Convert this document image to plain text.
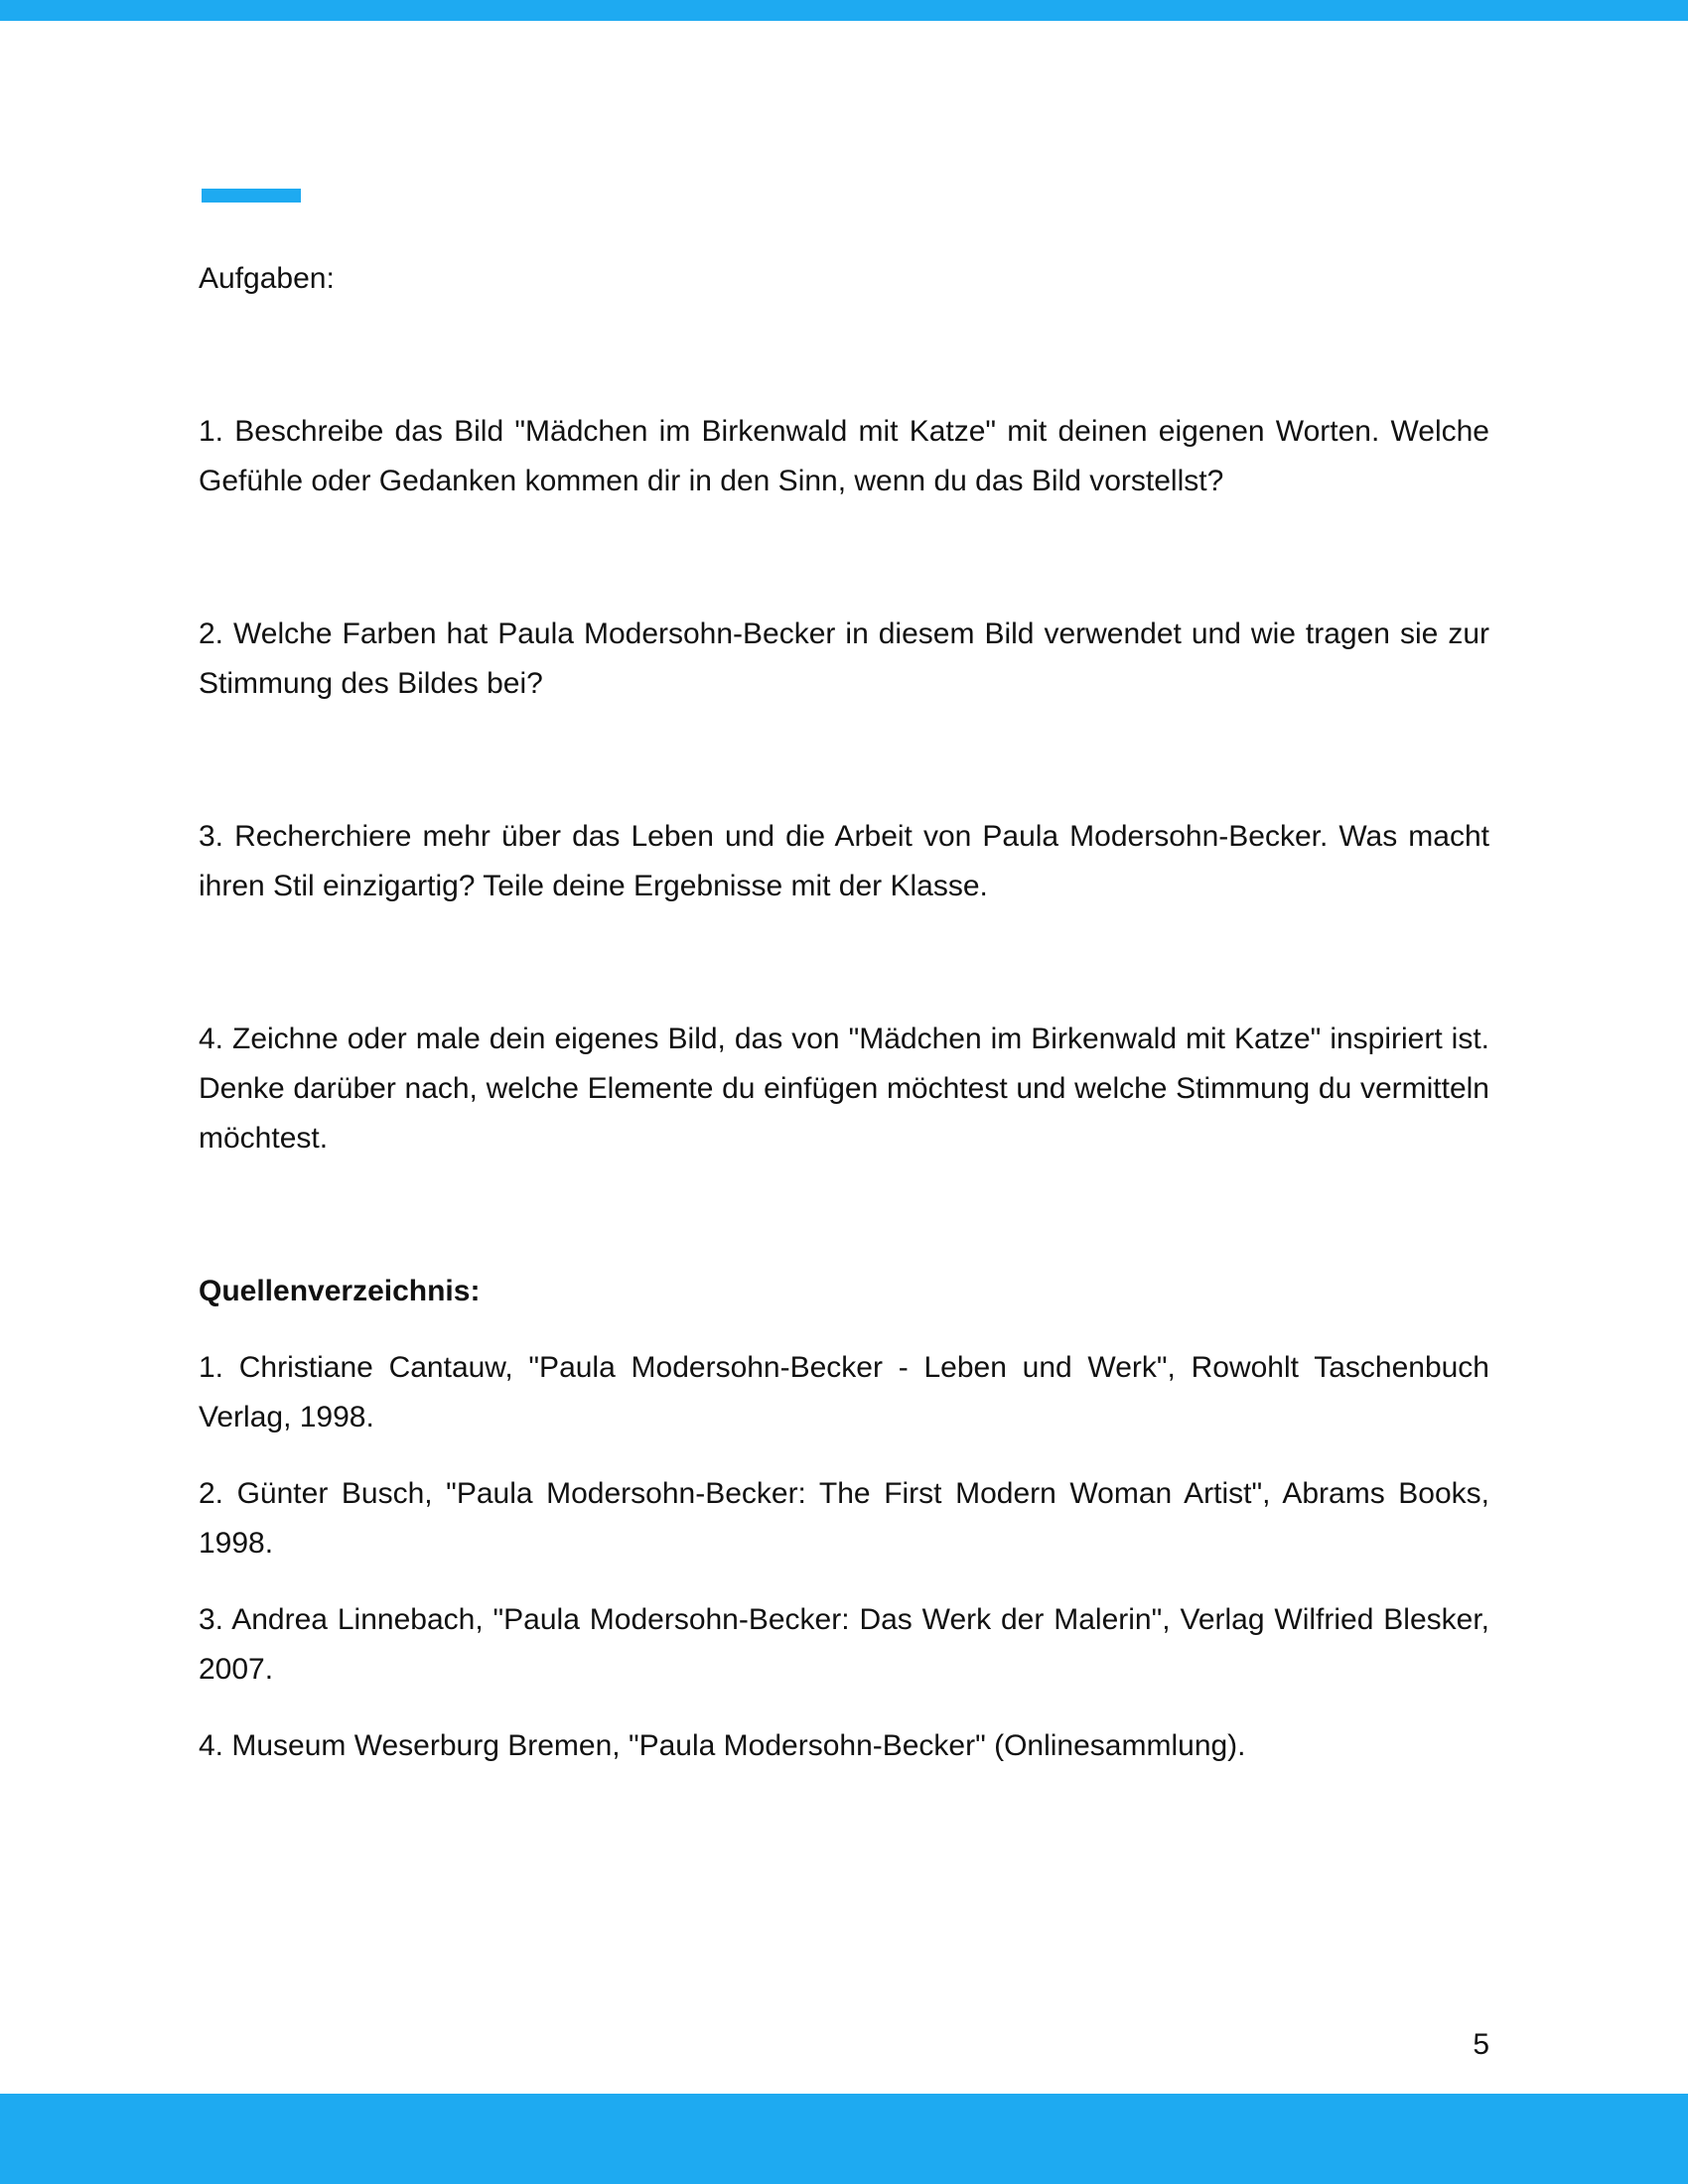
Aufgaben:

1. Beschreibe das Bild "Mädchen im Birkenwald mit Katze" mit deinen eigenen Worten. Welche Gefühle oder Gedanken kommen dir in den Sinn, wenn du das Bild vorstellst?

2. Welche Farben hat Paula Modersohn-Becker in diesem Bild verwendet und wie tragen sie zur Stimmung des Bildes bei?

3. Recherchiere mehr über das Leben und die Arbeit von Paula Modersohn-Becker. Was macht ihren Stil einzigartig? Teile deine Ergebnisse mit der Klasse.

4. Zeichne oder male dein eigenes Bild, das von "Mädchen im Birkenwald mit Katze" inspiriert ist. Denke darüber nach, welche Elemente du einfügen möchtest und welche Stimmung du vermitteln möchtest.

Quellenverzeichnis:

1. Christiane Cantauw, "Paula Modersohn-Becker - Leben und Werk", Rowohlt Taschenbuch Verlag, 1998.

2. Günter Busch, "Paula Modersohn-Becker: The First Modern Woman Artist", Abrams Books, 1998.

3. Andrea Linnebach, "Paula Modersohn-Becker: Das Werk der Malerin", Verlag Wilfried Blesker, 2007.

4. Museum Weserburg Bremen, "Paula Modersohn-Becker" (Onlinesammlung).

5
